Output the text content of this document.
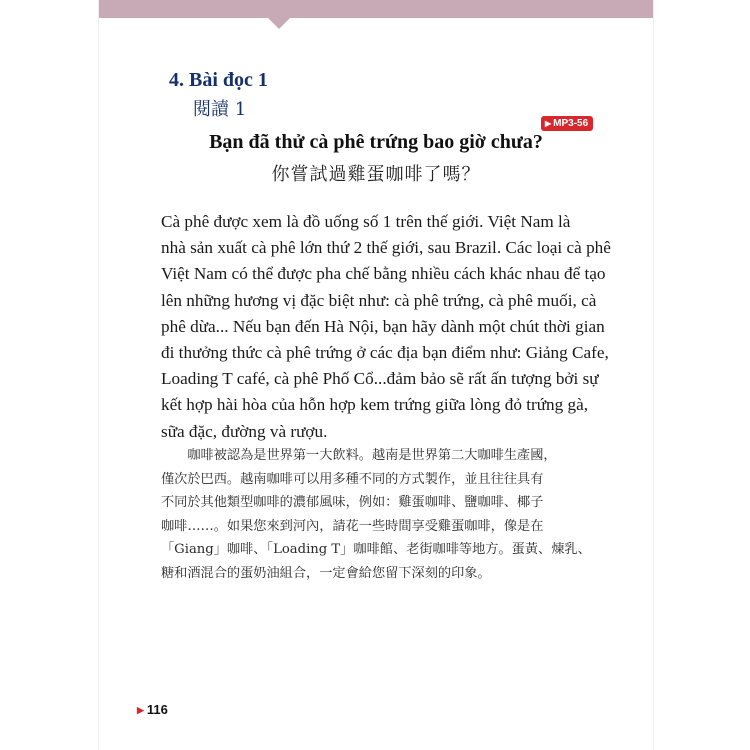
4. Bài đọc 1
閱讀 1
▶ MP3-56
Bạn đã thử cà phê trứng bao giờ chưa?
你嘗試過雞蛋咖啡了嗎？
Cà phê được xem là đồ uống số 1 trên thế giới. Việt Nam là
nhà sản xuất cà phê lớn thứ 2 thế giới, sau Brazil. Các loại cà phê
Việt Nam có thể được pha chế bằng nhiều cách khác nhau để tạo
lên những hương vị đặc biệt như: cà phê trứng, cà phê muối, cà
phê dừa... Nếu bạn đến Hà Nội, bạn hãy dành một chút thời gian
đi thưởng thức cà phê trứng ở các địa bạn điểm như: Giảng Cafe,
Loading T café, cà phê Phố Cổ...đảm bảo sẽ rất ấn tượng bởi sự
kết hợp hài hòa của hỗn hợp kem trứng giữa lòng đỏ trứng gà,
sữa đặc, đường và rượu.
　　咖啡被認為是世界第一大飲料。越南是世界第二大咖啡生產國，
僅次於巴西。越南咖啡可以用多種不同的方式製作，並且往往具有
不同於其他類型咖啡的濃郁風味，例如：雞蛋咖啡、鹽咖啡、椰子
咖啡……。如果您來到河內，請花一些時間享受雞蛋咖啡，像是在
「Giang」咖啡、「Loading T」咖啡館、老街咖啡等地方。蛋黃、煉乳、
糖和酒混合的蛋奶油組合，一定會給您留下深刻的印象。
▶ 116
